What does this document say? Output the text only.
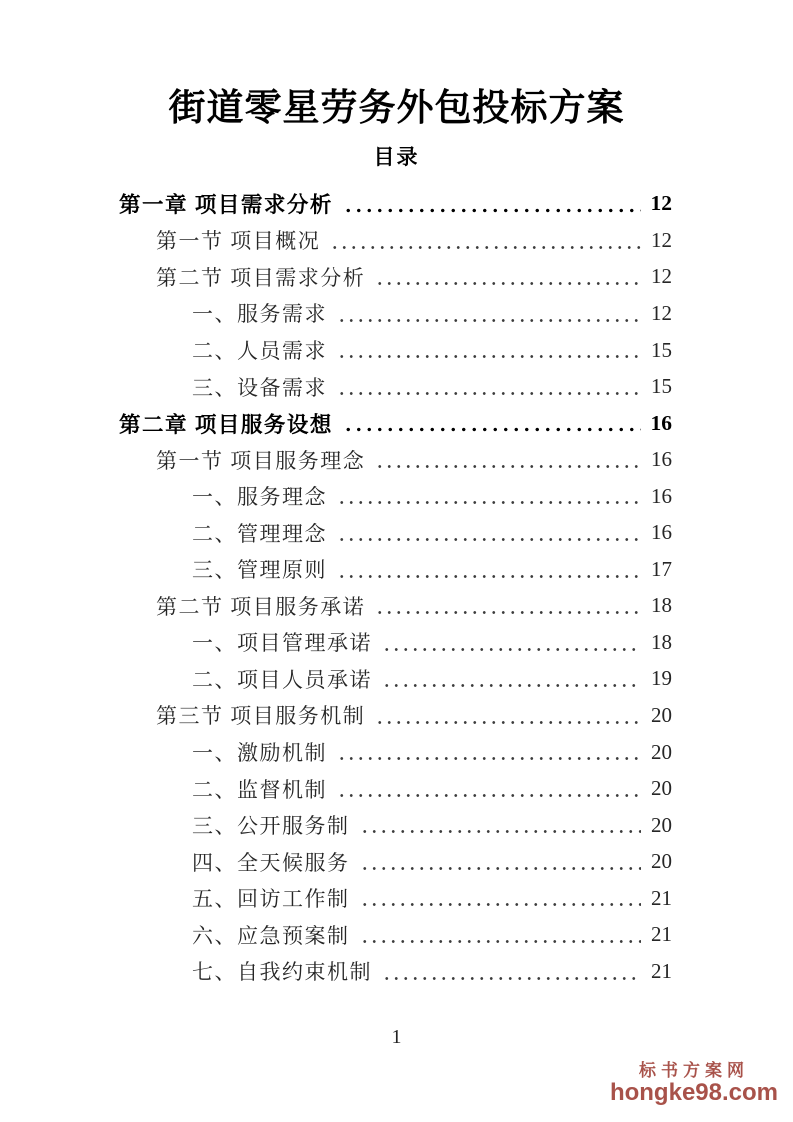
街道零星劳务外包投标方案
目录
第一章 项目需求分析	12
第一节 项目概况	12
第二节 项目需求分析	12
一、服务需求	12
二、人员需求	15
三、设备需求	15
第二章 项目服务设想	16
第一节 项目服务理念	16
一、服务理念	16
二、管理理念	16
三、管理原则	17
第二节 项目服务承诺	18
一、项目管理承诺	18
二、项目人员承诺	19
第三节 项目服务机制	20
一、激励机制	20
二、监督机制	20
三、公开服务制	20
四、全天候服务	20
五、回访工作制	21
六、应急预案制	21
七、自我约束机制	21
1
标书方案网
hongke98.com
